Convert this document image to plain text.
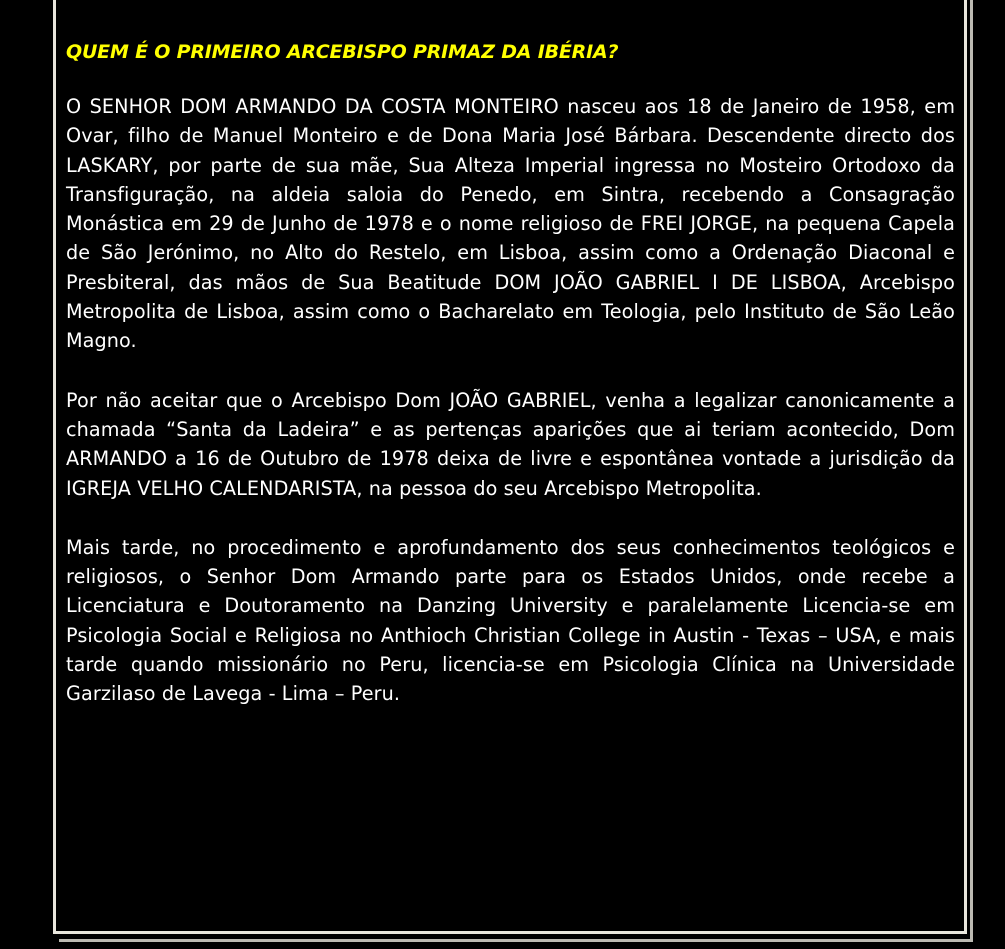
QUEM É O PRIMEIRO ARCEBISPO PRIMAZ DA IBÉRIA?

O SENHOR DOM ARMANDO DA COSTA MONTEIRO nasceu aos 18 de Janeiro de 1958, em Ovar, filho de Manuel Monteiro e de Dona Maria José Bárbara. Descendente directo dos LASKARY, por parte de sua mãe, Sua Alteza Imperial ingressa no Mosteiro Ortodoxo da Transfiguração, na aldeia saloia do Penedo, em Sintra, recebendo a Consagração Monástica em 29 de Junho de 1978 e o nome religioso de FREI JORGE, na pequena Capela de São Jerónimo, no Alto do Restelo, em Lisboa, assim como a Ordenação Diaconal e Presbiteral, das mãos de Sua Beatitude DOM JOÃO GABRIEL I DE LISBOA, Arcebispo Metropolita de Lisboa, assim como o Bacharelato em Teologia, pelo Instituto de São Leão Magno.

Por não aceitar que o Arcebispo Dom JOÃO GABRIEL, venha a legalizar canonicamente a chamada “Santa da Ladeira” e as pertenças aparições que ai teriam acontecido, Dom ARMANDO a 16 de Outubro de 1978 deixa de livre e espontânea vontade a jurisdição da IGREJA VELHO CALENDARISTA, na pessoa do seu Arcebispo Metropolita.

Mais tarde, no procedimento e aprofundamento dos seus conhecimentos teológicos e religiosos, o Senhor Dom Armando parte para os Estados Unidos, onde recebe a Licenciatura e Doutoramento na Danzing University e paralelamente Licencia-se em Psicologia Social e Religiosa no Anthioch Christian College in Austin - Texas – USA, e mais tarde quando missionário no Peru, licencia-se em Psicologia Clínica na Universidade Garzilaso de Lavega - Lima – Peru.
